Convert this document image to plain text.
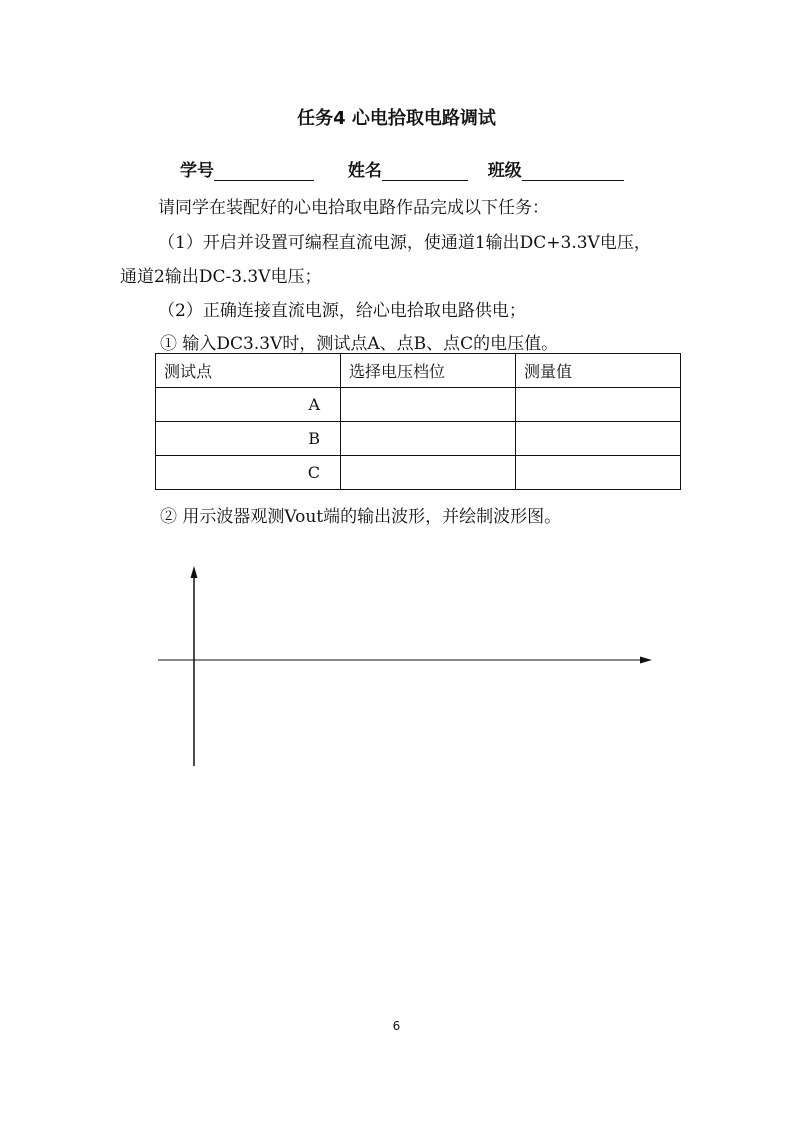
任务4 心电拾取电路调试
学号	姓名	班级
请同学在装配好的心电拾取电路作品完成以下任务：
（1）开启并设置可编程直流电源，使通道1输出DC+3.3V电压，
通道2输出DC-3.3V电压；
（2）正确连接直流电源，给心电拾取电路供电；
① 输入DC3.3V时，测试点A、点B、点C的电压值。
测试点	选择电压档位	测量值
A		
B		
C		
② 用示波器观测Vout端的输出波形，并绘制波形图。
6
